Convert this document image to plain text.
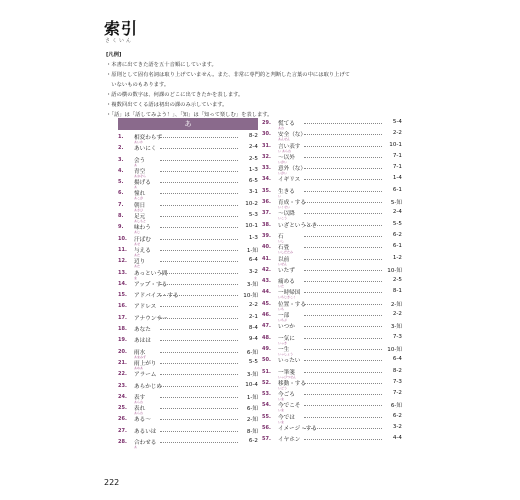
索引
さくいん
[凡例]
・本書に出てきた語を五十音順にしています。
・原則として固有名詞は取り上げていません。また、非常に専門的と判断した言葉の中には取り上げて
　いないものもあります。
・語の横の数字は、何課のどこに出てきたかを表します。
・複数回出てくる語は初出の課のみ示しています。
・「話」は「話してみよう！」、「知」は「知って楽しむ」を表します。
あ
1.	相変わらず	8-2
あいか
2.	あいにく	2-4
3.	会う	2-5
あ
4.	青空	1-3
あおぞら
5.	揚げる	6-5
あ
6.	憧れ	3-1
あこが
7.	朝日	10-2
あさひ
8.	足元	5-3
あしもと
9.	味わう	10-1
あじ
10.	汗ばむ	1-3
あせ
11.	与える	1-知
あた
12.	辺り	6-4
あた
13.	あっという間	3-2
ま
14.	アップ・する	3-知
15.	アドバイス・する	10-知
16.	アドレス	2-2
17.	アナウンサー	2-1
18.	あなた	8-4
19.	あはは	9-4
20.	雨水	6-知
あまみず
21.	雨上がり	5-5
あめあ
22.	アラーム	3-知
23.	あらかじめ	10-4
24.	表す	1-知
あらわ
25.	表れ	6-知
あらわ
26.	ある〜	2-知
27.	あるいは	8-知
28.	合わせる	6-2
あ
29.	慌てる	5-4
あわ
30.	安全（な）	2-2
あんぜん
31.	言い表す	10-1
い あらわ
32.	〜以外	7-1
いがい
33.	意外（な）	7-1
いがい
34.	イギリス	1-4
35.	生きる	6-1
い
36.	育成・する	5-知
いくせい
37.	〜以降	2-4
いこう
38.	いざというとき	5-5
39.	石	6-2
いし
40.	石畳	6-1
いしだたみ
41.	以前	1-2
いぜん
42.	いたず	10-知
43.	痛める	2-5
いた
44.	一時帰国	8-1
いちじきこく
45.	位置・する	2-知
いち
46.	一部	2-2
いちぶ
47.	いつか	3-知
48.	一気に	7-3
いっき
49.	一生	10-知
いっしょう
50.	いったい	6-4
51.	一筆箋	8-2
いっぴつせん
52.	移動・する	7-3
いどう
53.	今ごろ	7-2
いま
54.	今でこそ	6-知
いま
55.	今では	6-2
いま
56.	イメージ・する	3-2
57.	イヤホン	4-4
222
